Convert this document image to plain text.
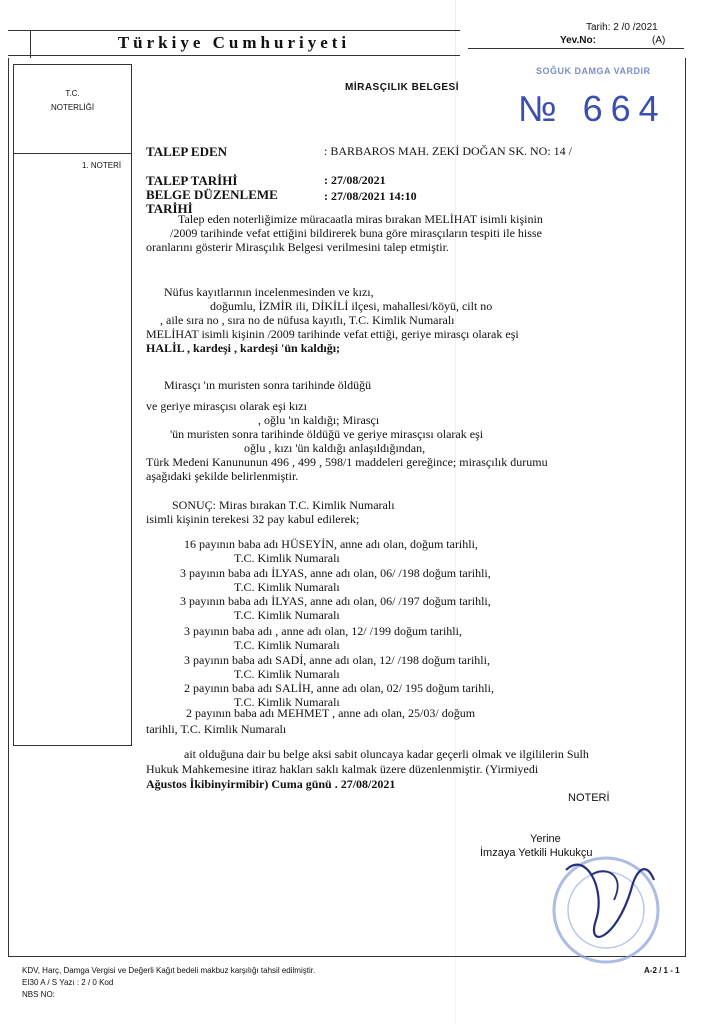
Türkiye Cumhuriyeti
Tarih: 2 /0 /2021
Yev.No:	(A)
T.C.
NOTERLİĞİ
1. NOTERİ
SOĞUK DAMGA VARDIR
MİRASÇILIK BELGESİ
№ 664
TALEP EDEN	: BARBAROS MAH. ZEKİ DOĞAN SK. NO: 14 /
TALEP TARİHİ	: 27/08/2021
BELGE DÜZENLEME
TARİHİ
: 27/08/2021 14:10
Talep eden noterliğimize müracaatla miras bırakan MELİHAT isimli kişinin
/2009 tarihinde vefat ettiğini bildirerek buna göre mirasçıların tespiti ile hisse
oranlarını gösterir Mirasçılık Belgesi verilmesini talep etmiştir.
Nüfus kayıtlarının incelenmesinden ve kızı,
doğumlu, İZMİR ili, DİKİLİ ilçesi, mahallesi/köyü, cilt no
, aile sıra no , sıra no de nüfusa kayıtlı, T.C. Kimlik Numaralı
MELİHAT isimli kişinin /2009 tarihinde vefat ettiği, geriye mirasçı olarak eşi
HALİL , kardeşi , kardeşi 'ün kaldığı;
Mirasçı 'ın muristen sonra tarihinde öldüğü
ve geriye mirasçısı olarak eşi kızı
, oğlu 'ın kaldığı; Mirasçı
'ün muristen sonra tarihinde öldüğü ve geriye mirasçısı olarak eşi
oğlu , kızı 'ün kaldığı anlaşıldığından,
Türk Medeni Kanununun 496 , 499 , 598/1 maddeleri gereğince; mirasçılık durumu
aşağıdaki şekilde belirlenmiştir.
SONUÇ: Miras bırakan T.C. Kimlik Numaralı
isimli kişinin terekesi 32 pay kabul edilerek;
16 payının baba adı HÜSEYİN, anne adı olan, doğum tarihli,
T.C. Kimlik Numaralı
3 payının baba adı İLYAS, anne adı olan, 06/ /198 doğum tarihli,
T.C. Kimlik Numaralı
3 payının baba adı İLYAS, anne adı olan, 06/ /197 doğum tarihli,
T.C. Kimlik Numaralı
3 payının baba adı , anne adı olan, 12/ /199 doğum tarihli,
T.C. Kimlik Numaralı
3 payının baba adı SADİ, anne adı olan, 12/ /198 doğum tarihli,
T.C. Kimlik Numaralı
2 payının baba adı SALİH, anne adı olan, 02/ 195 doğum tarihli,
T.C. Kimlik Numaralı
2 payının baba adı MEHMET , anne adı olan, 25/03/ doğum
tarihli, T.C. Kimlik Numaralı
ait olduğuna dair bu belge aksi sabit oluncaya kadar geçerli olmak ve ilgililerin Sulh
Hukuk Mahkemesine itiraz hakları saklı kalmak üzere düzenlenmiştir. (Yirmiyedi
Ağustos İkibinyirmibir) Cuma günü . 27/08/2021
NOTERİ
Yerine
İmzaya Yetkili Hukukçu
KDV, Harç, Damga Vergisi ve Değerli Kağıt bedeli makbuz karşılığı tahsil edilmiştir.
EI30 A / S Yazı : 2 / 0 Kod
NBS NO:
A-2 / 1 - 1
